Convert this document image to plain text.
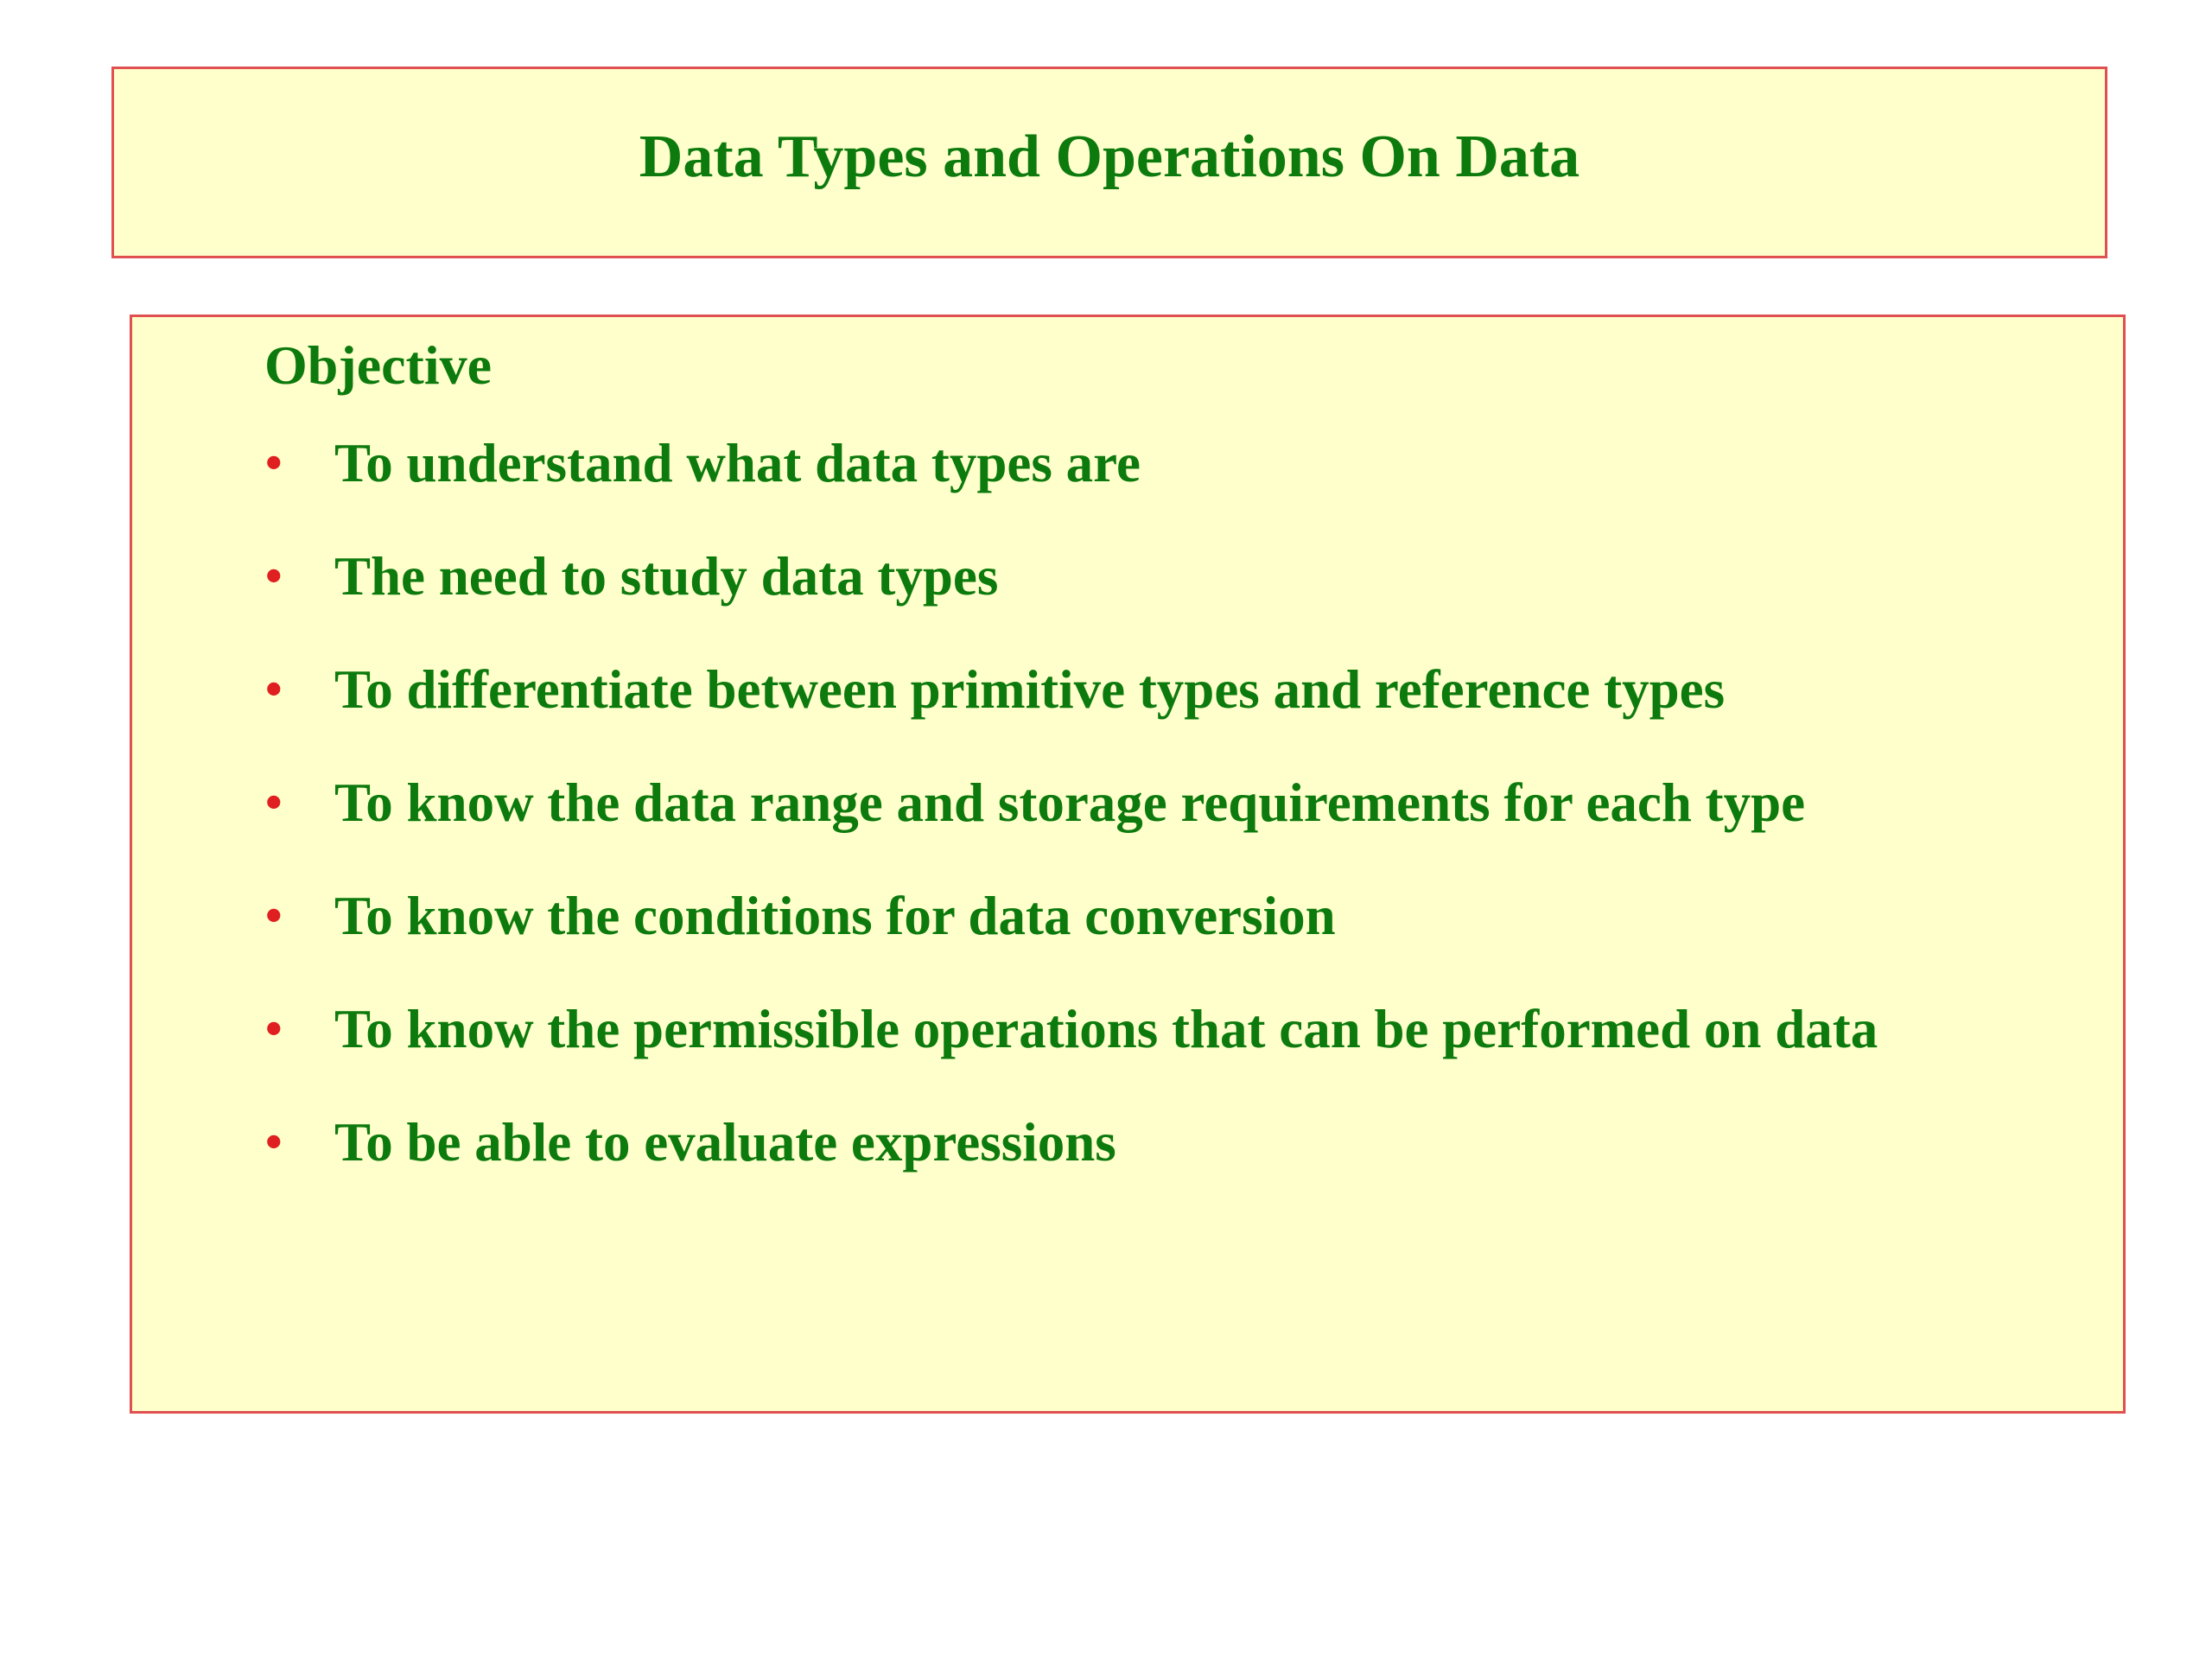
Data Types and Operations On Data
Objective
• To understand what data types are
• The need to study data types
• To differentiate between primitive types and reference types
• To know the data range and storage requirements for each type
• To know the conditions for data conversion
• To know the permissible operations that can be performed on data
• To be able to evaluate expressions
